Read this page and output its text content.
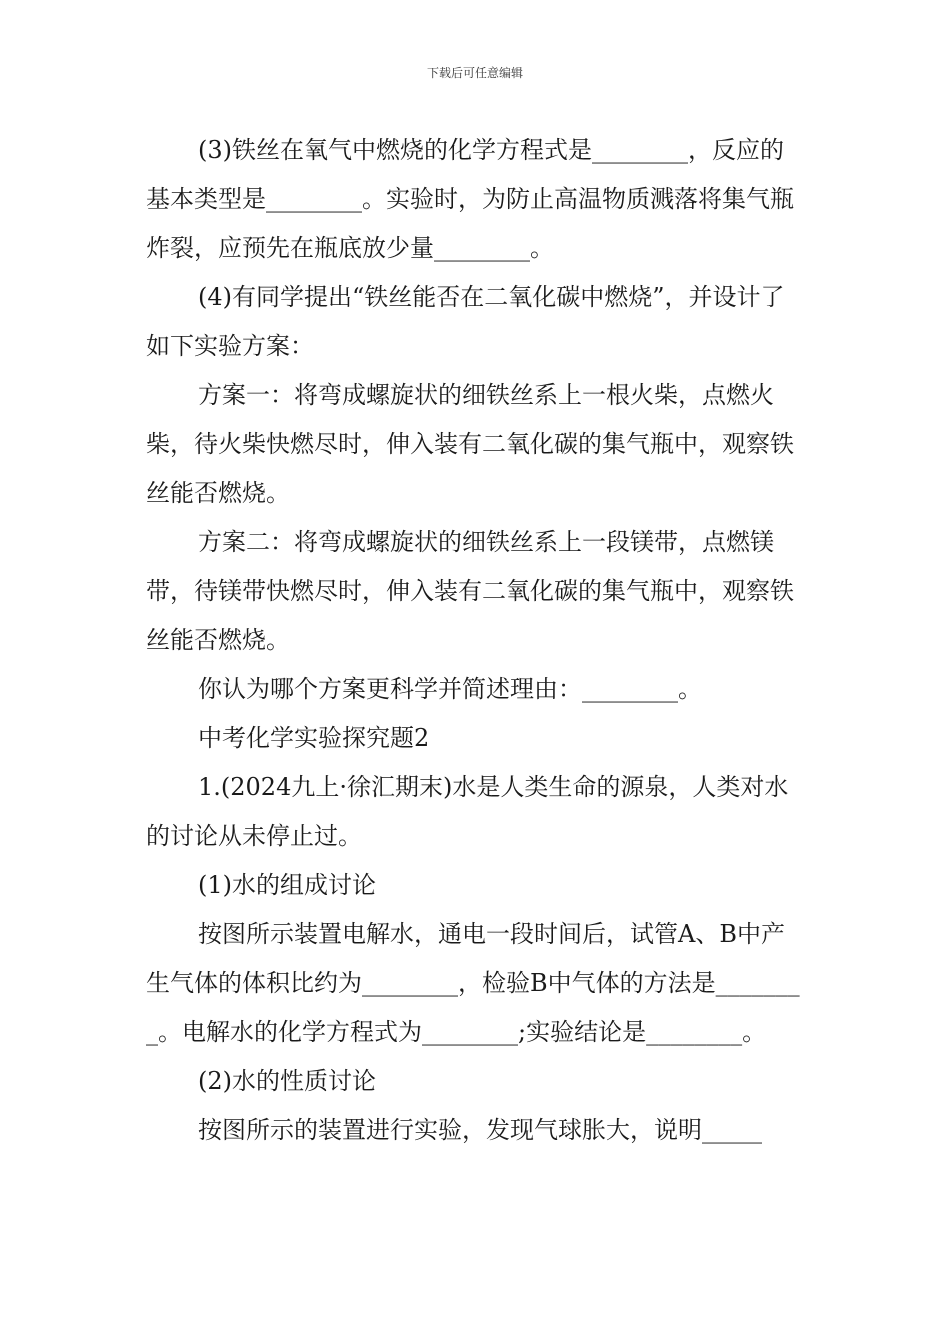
下载后可任意编辑

(3)铁丝在氧气中燃烧的化学方程式是________，反应的基本类型是________。实验时，为防止高温物质溅落将集气瓶炸裂，应预先在瓶底放少量________。

(4)有同学提出“铁丝能否在二氧化碳中燃烧”，并设计了如下实验方案：

方案一：将弯成螺旋状的细铁丝系上一根火柴，点燃火柴，待火柴快燃尽时，伸入装有二氧化碳的集气瓶中，观察铁丝能否燃烧。

方案二：将弯成螺旋状的细铁丝系上一段镁带，点燃镁带，待镁带快燃尽时，伸入装有二氧化碳的集气瓶中，观察铁丝能否燃烧。

你认为哪个方案更科学并简述理由：________。

中考化学实验探究题2

1.(2024九上·徐汇期末)水是人类生命的源泉，人类对水的讨论从未停止过。

(1)水的组成讨论

按图所示装置电解水，通电一段时间后，试管A、B中产生气体的体积比约为________，检验B中气体的方法是________。电解水的化学方程式为________;实验结论是________。

(2)水的性质讨论

按图所示的装置进行实验，发现气球胀大，说明_____
